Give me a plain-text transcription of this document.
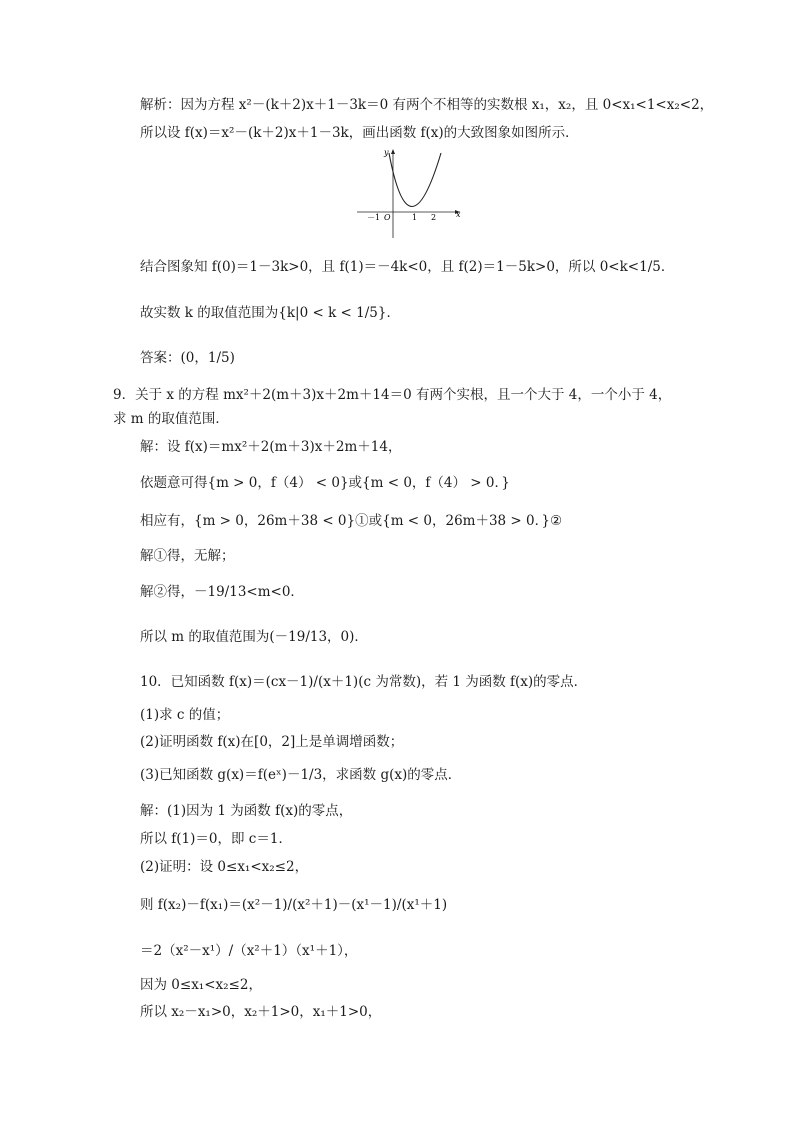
解析：因为方程 x²－(k＋2)x＋1－3k＝0 有两个不相等的实数根 x₁，x₂，且 0<x₁<1<x₂<2，
所以设 f(x)＝x²－(k＋2)x＋1－3k，画出函数 f(x)的大致图象如图所示．
y
x
O
－1	1 2
结合图象知 f(0)＝1－3k>0，且 f(1)＝－4k<0，且 f(2)＝1－5k>0，所以 0<k<1/5．
故实数 k 的取值范围为{k|0 < k < 1/5}．
答案：(0，1/5)
9．关于 x 的方程 mx²＋2(m＋3)x＋2m＋14＝0 有两个实根，且一个大于 4，一个小于 4，
求 m 的取值范围．
解：设 f(x)＝mx²＋2(m＋3)x＋2m＋14，
依题意可得{m > 0，f（4） < 0}或{m < 0，f（4） > 0．}
相应有，{m > 0，26m＋38 < 0}①或{m < 0，26m＋38 > 0．}②
解①得，无解；
解②得，－19/13<m<0．
所以 m 的取值范围为(－19/13，0)．
10．已知函数 f(x)＝(cx－1)/(x＋1)(c 为常数)，若 1 为函数 f(x)的零点．
(1)求 c 的值；
(2)证明函数 f(x)在[0，2]上是单调增函数；
(3)已知函数 g(x)＝f(eˣ)－1/3，求函数 g(x)的零点．
解：(1)因为 1 为函数 f(x)的零点，
所以 f(1)＝0，即 c＝1．
(2)证明：设 0≤x₁<x₂≤2，
则 f(x₂)－f(x₁)＝(x²－1)/(x²＋1)－(x¹－1)/(x¹＋1)
＝2（x²－x¹）/（x²＋1）（x¹＋1），
因为 0≤x₁<x₂≤2，
所以 x₂－x₁>0，x₂＋1>0，x₁＋1>0，
